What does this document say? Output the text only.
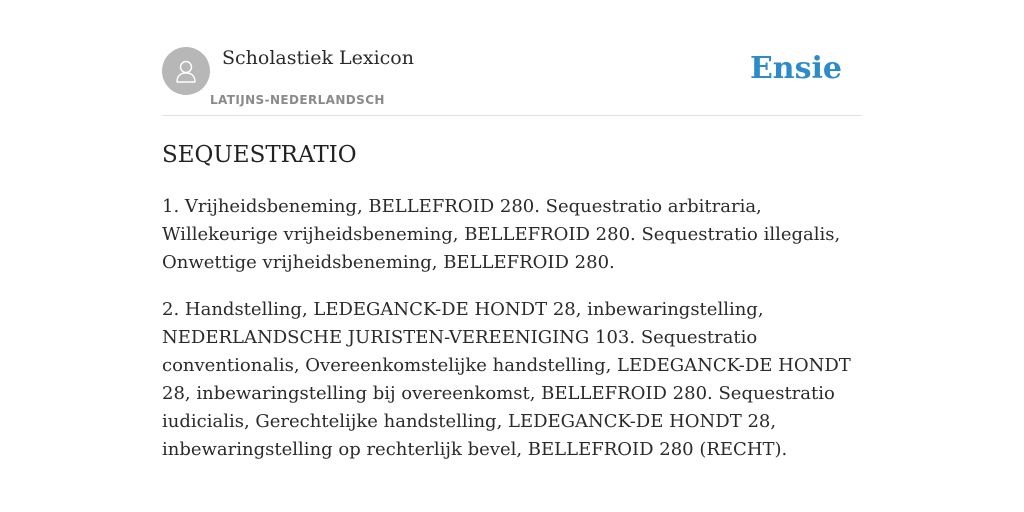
Scholastiek Lexicon
LATIJNS-NEDERLANDSCH
Ensie
SEQUESTRATIO

1. Vrijheidsbeneming, BELLEFROID 280. Sequestratio arbitraria, Willekeurige vrijheidsbeneming, BELLEFROID 280. Sequestratio illegalis, Onwettige vrijheidsbeneming, BELLEFROID 280.

2. Handstelling, LEDEGANCK-DE HONDT 28, inbewaringstelling, NEDERLANDSCHE JURISTEN-VEREENIGING 103. Sequestratio conventionalis, Overeenkomstelijke handstelling, LEDEGANCK-DE HONDT 28, inbewaringstelling bij overeenkomst, BELLEFROID 280. Sequestratio iudicialis, Gerechtelijke handstelling, LEDEGANCK-DE HONDT 28, inbewaringstelling op rechterlijk bevel, BELLEFROID 280 (RECHT).
